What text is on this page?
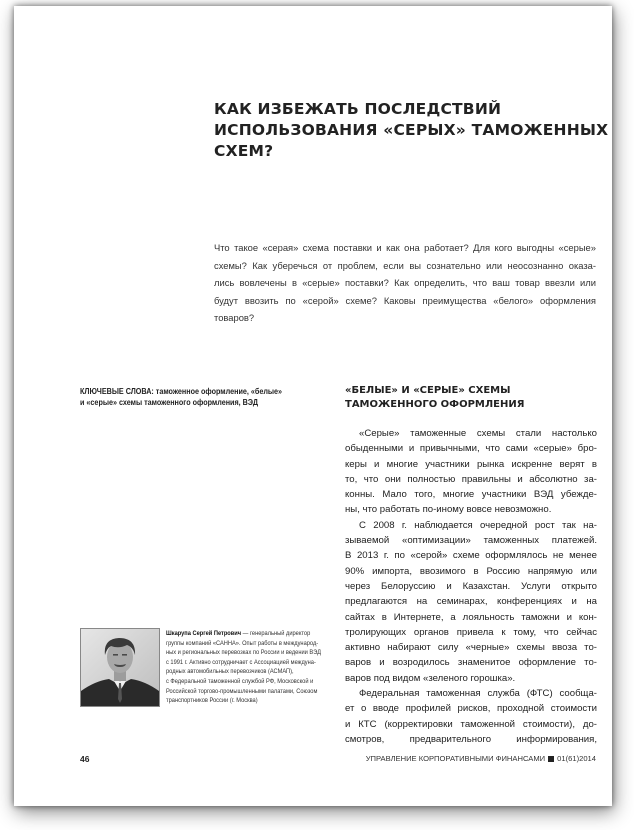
КАК ИЗБЕЖАТЬ ПОСЛЕДСТВИЙ
ИСПОЛЬЗОВАНИЯ «СЕРЫХ» ТАМОЖЕННЫХ
СХЕМ?
Что такое «серая» схема поставки и как она работает? Для кого выгодны «серые»
схемы? Как уберечься от проблем, если вы сознательно или неосознанно оказа-
лись вовлечены в «серые» поставки? Как определить, что ваш товар ввезли или
будут ввозить по «серой» схеме? Каковы преимущества «белого» оформления
товаров?
КЛЮЧЕВЫЕ СЛОВА: таможенное оформление, «белые»
и «серые» схемы таможенного оформления, ВЭД
«БЕЛЫЕ» И «СЕРЫЕ» СХЕМЫ
ТАМОЖЕННОГО ОФОРМЛЕНИЯ
«Серые» таможенные схемы стали настолько
обыденными и привычными, что сами «серые» бро-
керы и многие участники рынка искренне верят в
то, что они полностью правильны и абсолютно за-
конны. Мало того, многие участники ВЭД убежде-
ны, что работать по-иному вовсе невозможно.
С 2008 г. наблюдается очередной рост так на-
зываемой «оптимизации» таможенных платежей.
В 2013 г. по «серой» схеме оформлялось не менее
90% импорта, ввозимого в Россию напрямую или
через Белоруссию и Казахстан. Услуги открыто
предлагаются на семинарах, конференциях и на
сайтах в Интернете, а лояльность таможни и кон-
тролирующих органов привела к тому, что сейчас
активно набирают силу «черные» схемы ввоза то-
варов и возродилось знаменитое оформление то-
варов под видом «зеленого горошка».
Федеральная таможенная служба (ФТС) сообща-
ет о вводе профилей рисков, проходной стоимости
и КТС (корректировки таможенной стоимости), до-
смотров, предварительного информирования,
Шкарупа Сергей Петрович — генеральный директор
группы компаний «САННА». Опыт работы в международ-
ных и региональных перевозках по России и ведении ВЭД
с 1991 г. Активно сотрудничает с Ассоциацией междуна-
родных автомобильных перевозчиков (АСМАП),
с Федеральной таможенной службой РФ, Московской и
Российской торгово-промышленными палатами, Союзом
транспортников России (г. Москва)
46	УПРАВЛЕНИЕ КОРПОРАТИВНЫМИ ФИНАНСАМИ 01(61)2014
